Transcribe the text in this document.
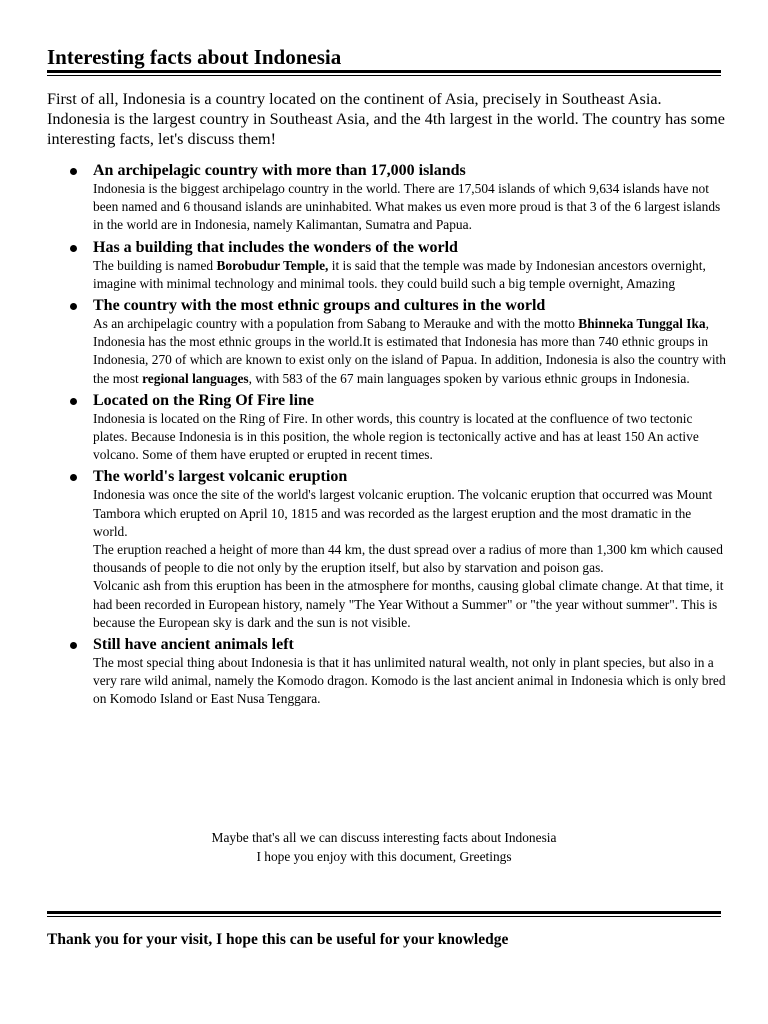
Interesting facts about Indonesia

First of all, Indonesia is a country located on the continent of Asia, precisely in Southeast Asia. Indonesia is the largest country in Southeast Asia, and the 4th largest in the world. The country has some interesting facts, let's discuss them!

An archipelagic country with more than 17,000 islands

Indonesia is the biggest archipelago country in the world. There are 17,504 islands of which 9,634 islands have not been named and 6 thousand islands are uninhabited. What makes us even more proud is that 3 of the 6 largest islands in the world are in Indonesia, namely Kalimantan, Sumatra and Papua.

Has a building that includes the wonders of the world

The building is named Borobudur Temple, it is said that the temple was made by Indonesian ancestors overnight, imagine with minimal technology and minimal tools. they could build such a big temple overnight, Amazing

The country with the most ethnic groups and cultures in the world

As an archipelagic country with a population from Sabang to Merauke and with the motto Bhinneka Tunggal Ika, Indonesia has the most ethnic groups in the world.It is estimated that Indonesia has more than 740 ethnic groups in Indonesia, 270 of which are known to exist only on the island of Papua. In addition, Indonesia is also the country with the most regional languages, with 583 of the 67 main languages spoken by various ethnic groups in Indonesia.

Located on the Ring Of Fire line

Indonesia is located on the Ring of Fire. In other words, this country is located at the confluence of two tectonic plates. Because Indonesia is in this position, the whole region is tectonically active and has at least 150 An active volcano. Some of them have erupted or erupted in recent times.

The world's largest volcanic eruption

Indonesia was once the site of the world's largest volcanic eruption. The volcanic eruption that occurred was Mount Tambora which erupted on April 10, 1815 and was recorded as the largest eruption and the most dramatic in the world.

The eruption reached a height of more than 44 km, the dust spread over a radius of more than 1,300 km which caused thousands of people to die not only by the eruption itself, but also by starvation and poison gas.

Volcanic ash from this eruption has been in the atmosphere for months, causing global climate change. At that time, it had been recorded in European history, namely "The Year Without a Summer" or "the year without summer". This is because the European sky is dark and the sun is not visible.

Still have ancient animals left

The most special thing about Indonesia is that it has unlimited natural wealth, not only in plant species, but also in a very rare wild animal, namely the Komodo dragon. Komodo is the last ancient animal in Indonesia which is only bred on Komodo Island or East Nusa Tenggara.

Maybe that's all we can discuss interesting facts about Indonesia
I hope you enjoy with this document, Greetings
Thank you for your visit, I hope this can be useful for your knowledge
